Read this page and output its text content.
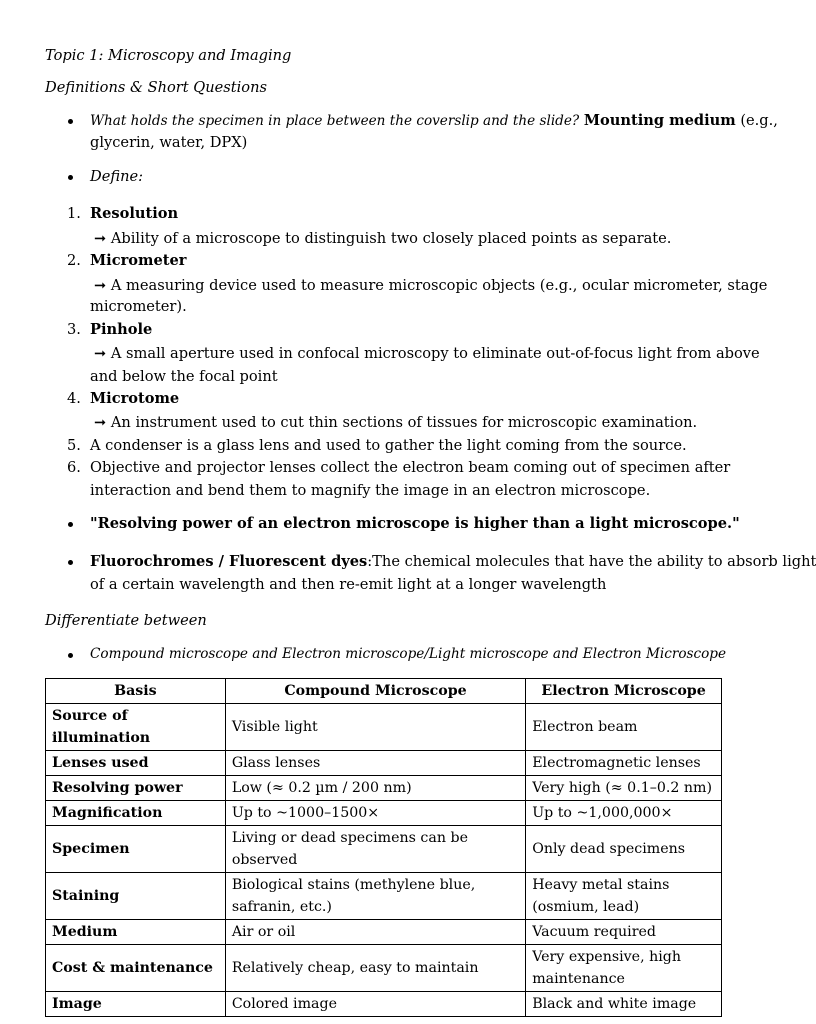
Topic 1: Microscopy and Imaging
Definitions & Short Questions
What holds the specimen in place between the coverslip and the slide? Mounting medium (e.g.,
glycerin, water, DPX)
Define:
1. Resolution
➞ Ability of a microscope to distinguish two closely placed points as separate.
2. Micrometer
➞ A measuring device used to measure microscopic objects (e.g., ocular micrometer, stage
micrometer).
3. Pinhole
➞ A small aperture used in confocal microscopy to eliminate out-of-focus light from above
and below the focal point
4. Microtome
➞ An instrument used to cut thin sections of tissues for microscopic examination.
5. A condenser is a glass lens and used to gather the light coming from the source.
6. Objective and projector lenses collect the electron beam coming out of specimen after
interaction and bend them to magnify the image in an electron microscope.
"Resolving power of an electron microscope is higher than a light microscope."
Fluorochromes / Fluorescent dyes:The chemical molecules that have the ability to absorb light
of a certain wavelength and then re-emit light at a longer wavelength
Differentiate between
Compound microscope and Electron microscope/Light microscope and Electron Microscope
Basis	Compound Microscope	Electron Microscope
Source of illumination	Visible light	Electron beam
Lenses used	Glass lenses	Electromagnetic lenses
Resolving power	Low (≈ 0.2 µm / 200 nm)	Very high (≈ 0.1–0.2 nm)
Magnification	Up to ~1000–1500×	Up to ~1,000,000×
Specimen	Living or dead specimens can be observed	Only dead specimens
Staining	Biological stains (methylene blue, safranin, etc.)	Heavy metal stains (osmium, lead)
Medium	Air or oil	Vacuum required
Cost & maintenance	Relatively cheap, easy to maintain	Very expensive, high maintenance
Image	Colored image	Black and white image
